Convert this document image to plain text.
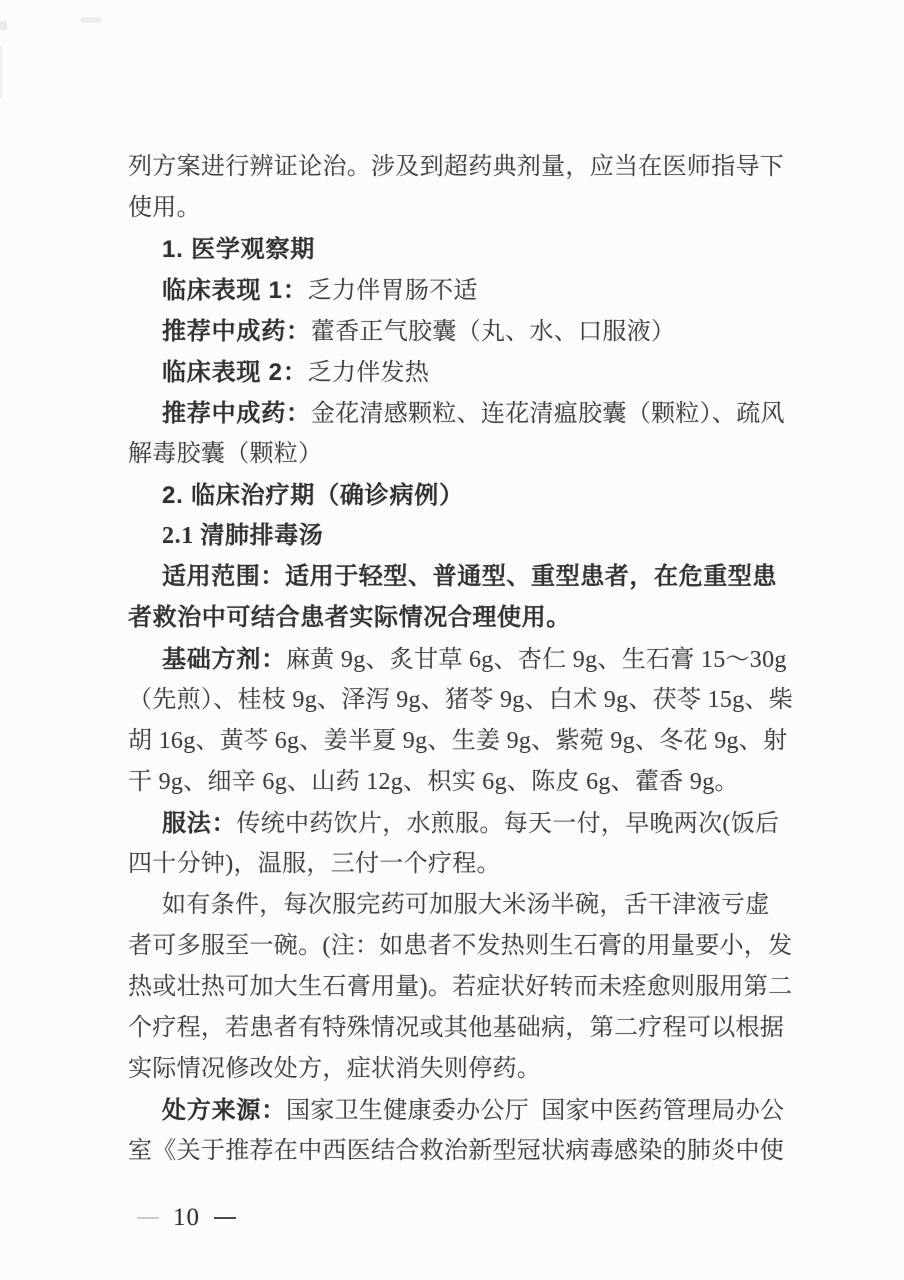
列方案进行辨证论治。涉及到超药典剂量，应当在医师指导下

使用。

1. 医学观察期

临床表现 1：乏力伴胃肠不适

推荐中成药：藿香正气胶囊（丸、水、口服液）

临床表现 2：乏力伴发热

推荐中成药：金花清感颗粒、连花清瘟胶囊（颗粒）、疏风

解毒胶囊（颗粒）

2. 临床治疗期（确诊病例）

2.1 清肺排毒汤

适用范围：适用于轻型、普通型、重型患者，在危重型患

者救治中可结合患者实际情况合理使用。

基础方剂：麻黄 9g、炙甘草 6g、杏仁 9g、生石膏 15～30g

（先煎）、桂枝 9g、泽泻 9g、猪苓 9g、白术 9g、茯苓 15g、柴

胡 16g、黄芩 6g、姜半夏 9g、生姜 9g、紫菀 9g、冬花 9g、射

干 9g、细辛 6g、山药 12g、枳实 6g、陈皮 6g、藿香 9g。

服法：传统中药饮片，水煎服。每天一付，早晚两次(饭后

四十分钟)，温服，三付一个疗程。

如有条件，每次服完药可加服大米汤半碗，舌干津液亏虚

者可多服至一碗。(注：如患者不发热则生石膏的用量要小，发

热或壮热可加大生石膏用量)。若症状好转而未痊愈则服用第二

个疗程，若患者有特殊情况或其他基础病，第二疗程可以根据

实际情况修改处方，症状消失则停药。

处方来源：国家卫生健康委办公厅 国家中医药管理局办公

室《关于推荐在中西医结合救治新型冠状病毒感染的肺炎中使

10
